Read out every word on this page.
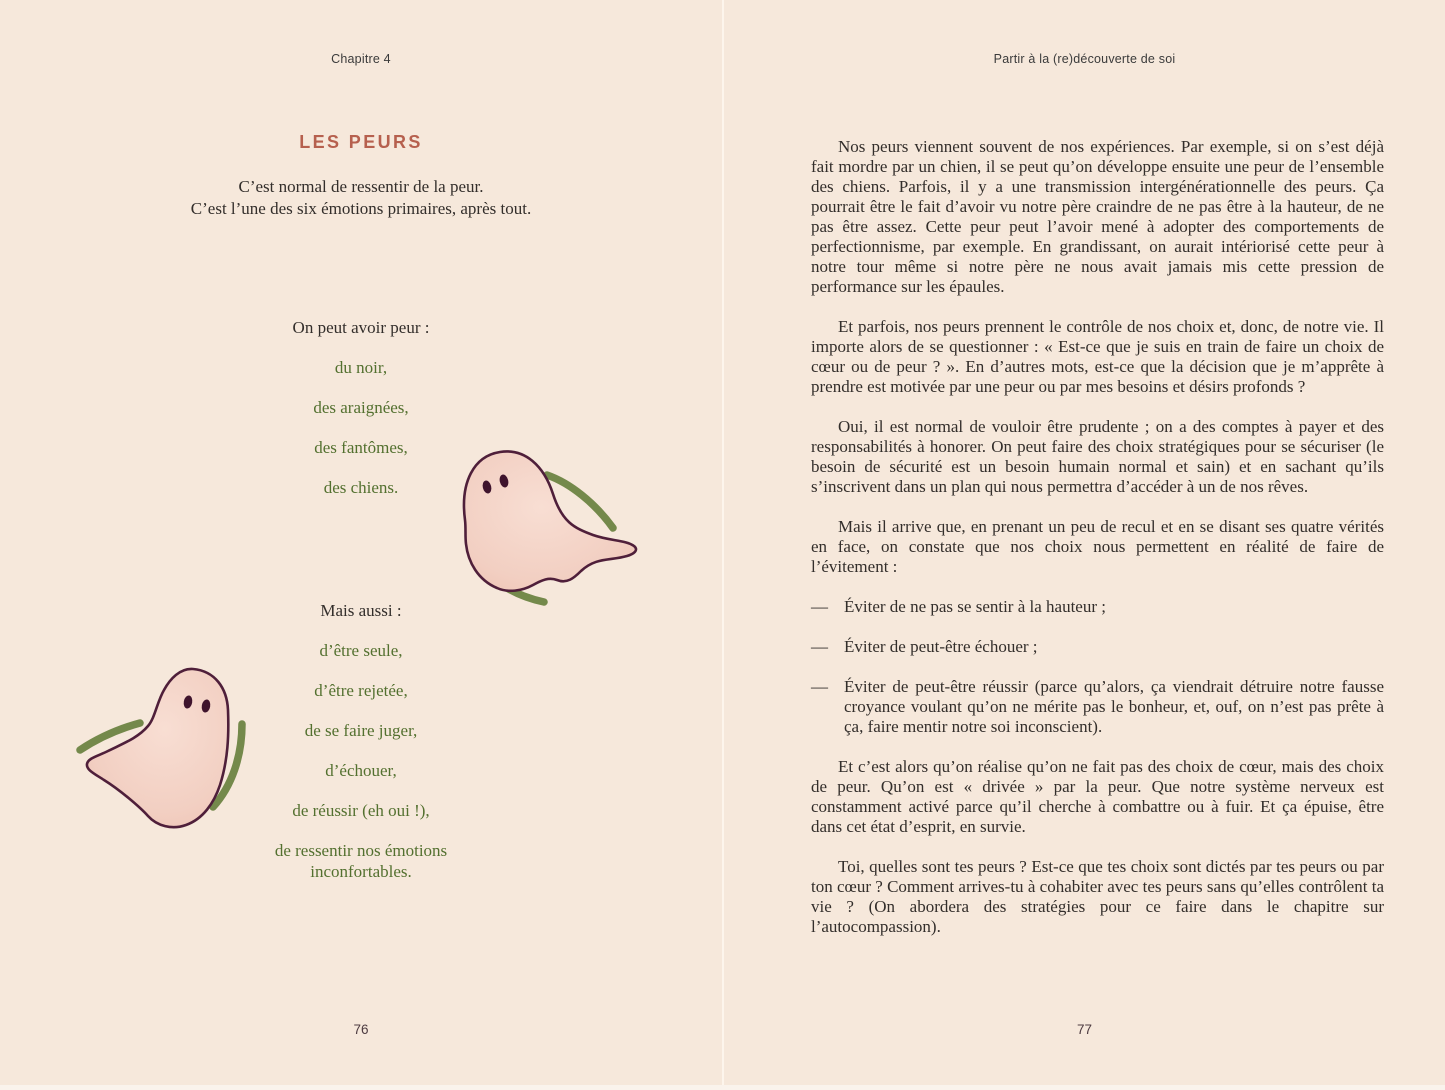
Chapitre 4
LES PEURS
C’est normal de ressentir de la peur.
C’est l’une des six émotions primaires, après tout.
On peut avoir peur :
du noir,
des araignées,
des fantômes,
des chiens.
Mais aussi :
d’être seule,
d’être rejetée,
de se faire juger,
d’échouer,
de réussir (eh oui !),
de ressentir nos émotions inconfortables.
76
Partir à la (re)découverte de soi

Nos peurs viennent souvent de nos expériences. Par exemple, si on s’est déjà fait mordre par un chien, il se peut qu’on développe ensuite une peur de l’ensemble des chiens. Parfois, il y a une transmission intergénérationnelle des peurs. Ça pourrait être le fait d’avoir vu notre père craindre de ne pas être à la hauteur, de ne pas être assez. Cette peur peut l’avoir mené à adopter des comportements de perfectionnisme, par exemple. En grandissant, on aurait intériorisé cette peur à notre tour même si notre père ne nous avait jamais mis cette pression de performance sur les épaules.

Et parfois, nos peurs prennent le contrôle de nos choix et, donc, de notre vie. Il importe alors de se questionner : « Est-ce que je suis en train de faire un choix de cœur ou de peur ? ». En d’autres mots, est-ce que la décision que je m’apprête à prendre est motivée par une peur ou par mes besoins et désirs profonds ?

Oui, il est normal de vouloir être prudente ; on a des comptes à payer et des responsabilités à honorer. On peut faire des choix stratégiques pour se sécuriser (le besoin de sécurité est un besoin humain normal et sain) et en sachant qu’ils s’inscrivent dans un plan qui nous permettra d’accéder à un de nos rêves.

Mais il arrive que, en prenant un peu de recul et en se disant ses quatre vérités en face, on constate que nos choix nous permettent en réalité de faire de l’évitement :

— Éviter de ne pas se sentir à la hauteur ;

— Éviter de peut-être échouer ;

— Éviter de peut-être réussir (parce qu’alors, ça viendrait détruire notre fausse croyance voulant qu’on ne mérite pas le bonheur, et, ouf, on n’est pas prête à ça, faire mentir notre soi inconscient).

Et c’est alors qu’on réalise qu’on ne fait pas des choix de cœur, mais des choix de peur. Qu’on est « drivée » par la peur. Que notre système nerveux est constamment activé parce qu’il cherche à combattre ou à fuir. Et ça épuise, être dans cet état d’esprit, en survie.

Toi, quelles sont tes peurs ? Est-ce que tes choix sont dictés par tes peurs ou par ton cœur ? Comment arrives-tu à cohabiter avec tes peurs sans qu’elles contrôlent ta vie ? (On abordera des stratégies pour ce faire dans le chapitre sur l’autocompassion).

77
